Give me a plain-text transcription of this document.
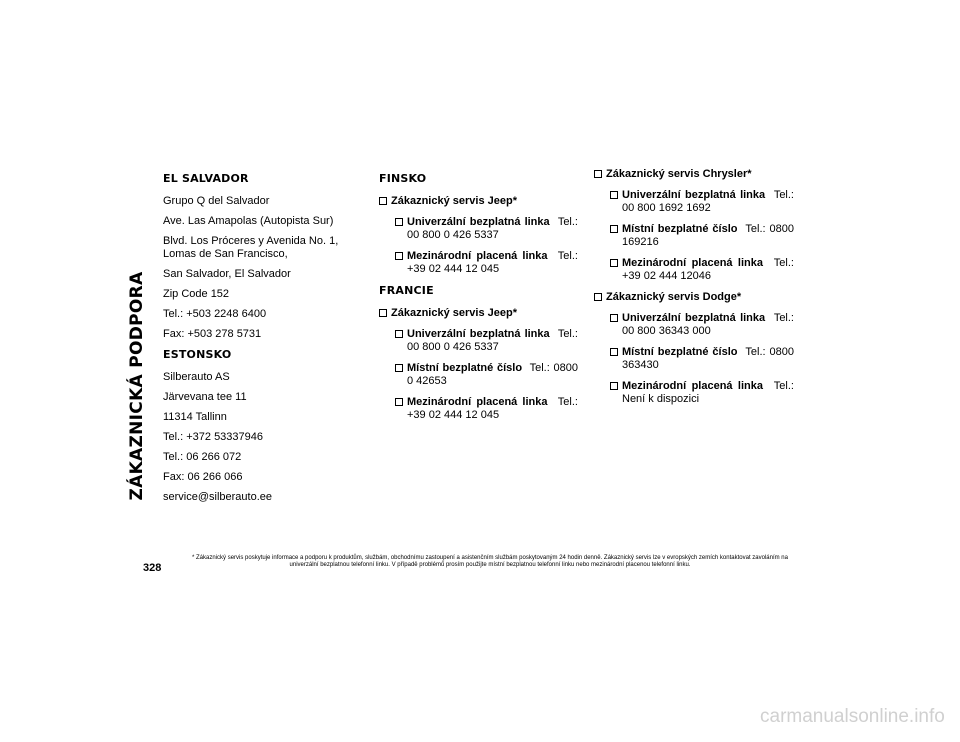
ZÁKAZNICKÁ PODPORA
EL SALVADOR
Grupo Q del Salvador
Ave. Las Amapolas (Autopista Sur)
Blvd. Los Próceres y Avenida No. 1, Lomas de San Francisco,
San Salvador, El Salvador
Zip Code 152
Tel.: +503 2248 6400
Fax: +503 278 5731
ESTONSKO
Silberauto AS
Järvevana tee 11
11314 Tallinn
Tel.: +372 53337946
Tel.: 06 266 072
Fax: 06 266 066
service@silberauto.ee
FINSKO
Zákaznický servis Jeep*
Univerzální bezplatná linka Tel.: 00 800 0 426 5337
Mezinárodní placená linka Tel.: +39 02 444 12 045
FRANCIE
Zákaznický servis Jeep*
Univerzální bezplatná linka Tel.: 00 800 0 426 5337
Místní bezplatné číslo Tel.: 0800 0 42653
Mezinárodní placená linka Tel.: +39 02 444 12 045
Zákaznický servis Chrysler*
Univerzální bezplatná linka Tel.: 00 800 1692 1692
Místní bezplatné číslo Tel.: 0800 169216
Mezinárodní placená linka Tel.: +39 02 444 12046
Zákaznický servis Dodge*
Univerzální bezplatná linka Tel.: 00 800 36343 000
Místní bezplatné číslo Tel.: 0800 363430
Mezinárodní placená linka Tel.: Není k dispozici
328
* Zákaznický servis poskytuje informace a podporu k produktům, službám, obchodnímu zastoupení a asistenčním službám poskytovaným 24 hodin denně. Zákaznický servis lze v evropských zemích kontaktovat zavoláním na univerzální bezplatnou telefonní linku. V případě problémů prosím použijte místní bezplatnou telefonní linku nebo mezinárodní placenou telefonní linku.
carmanualsonline.info
